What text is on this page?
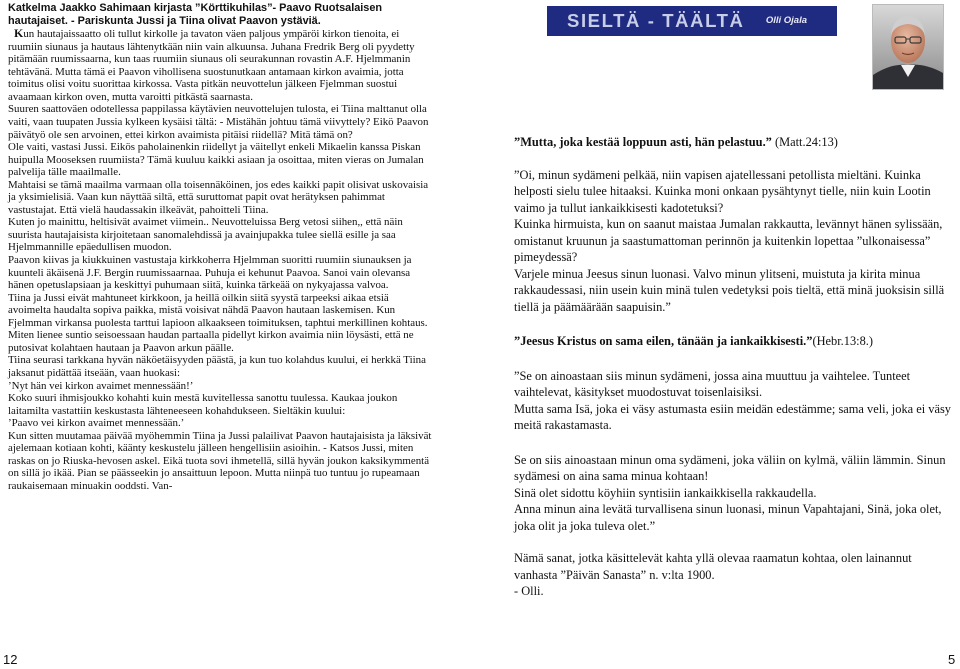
Katkelma Jaakko Sahimaan kirjasta ”Körttikuhilas”- Paavo Ruotsalaisen hautajaiset. - Pariskunta Jussi ja Tiina olivat Paavon ystäviä.

Kun hautajaissaatto oli tullut kirkolle ja tavaton väen paljous ympäröi kirkon tienoita, ei ruumiin siunaus ja hautaus lähtenytkään niin vain alkuunsa. Juhana Fredrik Berg oli pyydetty pitämään ruumissaarna, kun taas ruumiin siunaus oli seurakunnan rovastin A.F. Hjelmmanin tehtävänä. Mutta tämä ei Paavon vihollisena suostunutkaan antamaan kirkon avaimia, jotta toimitus olisi voitu suorittaa kirkossa. Vasta pitkän neuvottelun jälkeen Fjelmman suostui avaamaan kirkon oven, mutta varoitti pitkästä saarnasta.

Suuren saattoväen odotellessa pappilassa käytävien neuvottelujen tulosta, ei Tiina malttanut olla vaiti, vaan tuupaten Jussia kylkeen kysäisi tältä: - Mistähän johtuu tämä viivyttely? Eikö Paavon päivätyö ole sen arvoinen, ettei kirkon avaimista pitäisi riidellä? Mitä tämä on?

Ole vaiti, vastasi Jussi. Eikös paholainenkin riidellyt ja väitellyt enkeli Mikaelin kanssa Piskan huipulla Mooseksen ruumiista? Tämä kuuluu kaikki asiaan ja osoittaa, miten vieras on Jumalan palvelija tälle maailmalle.

Mahtaisi se tämä maailma varmaan olla toisennäköinen, jos edes kaikki papit olisivat uskovaisia ja yksimielisiä. Vaan kun näyttää siltä, että suruttomat papit ovat herätyksen pahimmat vastustajat. Että vielä haudassakin ilkeävät, pahoitteli Tiina.

Kuten jo mainittu, heltisivät avaimet viimein.. Neuvotteluissa Berg vetosi siihen,, että näin suurista hautajaisista kirjoitetaan sanomalehdissä ja avainjupakka tulee siellä esille ja saa Hjelmmannille epäedullisen muodon.

Paavon kiivas ja kiukkuinen vastustaja kirkkoherra Hjelmman suoritti ruumiin siunauksen ja kuunteli äkäisenä J.F. Bergin ruumissaarnaa. Puhuja ei kehunut Paavoa. Sanoi vain olevansa hänen opetuslapsiaan ja keskittyi puhumaan siitä, kuinka tärkeää on nykyajassa valvoa.

Tiina ja Jussi eivät mahtuneet kirkkoon, ja heillä oilkin siitä syystä tarpeeksi aikaa etsiä avoimelta haudalta sopiva paikka, mistä voisivat nähdä Paavon hautaan laskemisen. Kun Fjelmman virkansa puolesta tarttui lapioon alkaakseen toimituksen, taphtui merkillinen kohtaus. Miten lienee suntio seisoessaan haudan partaalla pidellyt kirkon avaimia niin löysästi, että ne putosivat kolahtaen hautaan ja Paavon arkun päälle.

Tiina seurasi tarkkana hyvän näköetäisyyden päästä, ja kun tuo kolahdus kuului, ei herkkä Tiina jaksanut pidättää itseään, vaan huokasi:

’Nyt hän vei kirkon avaimet mennessään!’

Koko suuri ihmisjoukko kohahti kuin mestä kuvitellessa sanottu tuulessa. Kaukaa joukon laitamilta vastattiin keskustasta lähteneeseen kohahdukseen. Sieltäkin kuului:

’Paavo vei kirkon avaimet mennessään.’

Kun sitten muutamaa päivää myöhemmin Tiina ja Jussi palailivat Paavon hautajaisista ja läksivät ajelemaan kotiaan kohti, käänty keskustelu jälleen hengellisiin asioihin. - Katsos Jussi, miten raskas on jo Riuska-hevosen askel. Eikä tuota sovi ihmetellä, sillä hyvän joukon kaksikymmentä on sillä jo ikää. Pian se päässeekin jo ansaittuun lepoon. Mutta niinpä tuo tuntuu jo rupeamaan raukaisemaan minuakin ooddsti. Van-

SIELTÄ - TÄÄLTÄ Olli Ojala

”Mutta, joka kestää loppuun asti, hän pelastuu.” (Matt.24:13)

”Oi, minun sydämeni pelkää, niin vapisen ajatellessani petollista mieltäni. Kuinka helposti sielu tulee hitaaksi. Kuinka moni onkaan pysähtynyt tielle, niin kuin Lootin vaimo ja tullut iankaikkisesti kadotetuksi?

Kuinka hirmuista, kun on saanut maistaa Jumalan rakkautta, levännyt hänen sylissään, omistanut kruunun ja saastumattoman perinnön ja kuitenkin lopettaa ”ulkonaisessa” pimeydessä?

Varjele minua Jeesus sinun luonasi. Valvo minun ylitseni, muistuta ja kirita minua rakkaudessasi, niin usein kuin minä tulen vedetyksi pois tieltä, että minä juoksisin sillä tiellä ja päämäärään saapuisin.”

”Jeesus Kristus on sama eilen, tänään ja iankaikkisesti.”(Hebr.13:8.)

”Se on ainoastaan siis minun sydämeni, jossa aina muuttuu ja vaihtelee. Tunteet vaihtelevat, käsitykset muodostuvat toisenlaisiksi.

Mutta sama Isä, joka ei väsy astumasta esiin meidän edestämme; sama veli, joka ei väsy meitä rakastamasta.

Se on siis ainoastaan minun oma sydämeni, joka väliin on kylmä, väliin lämmin. Sinun sydämesi on aina sama minua kohtaan!

Sinä olet sidottu köyhiin syntisiin iankaikkisella rakkaudella.

Anna minun aina levätä turvallisena sinun luonasi, minun Vapahtajani, Sinä, joka olet, joka olit ja joka tuleva olet.”

Nämä sanat, jotka käsittelevät kahta yllä olevaa raamatun kohtaa, olen lainannut vanhasta ”Päivän Sanasta” n. v:lta 1900.

- Olli.

12	5
